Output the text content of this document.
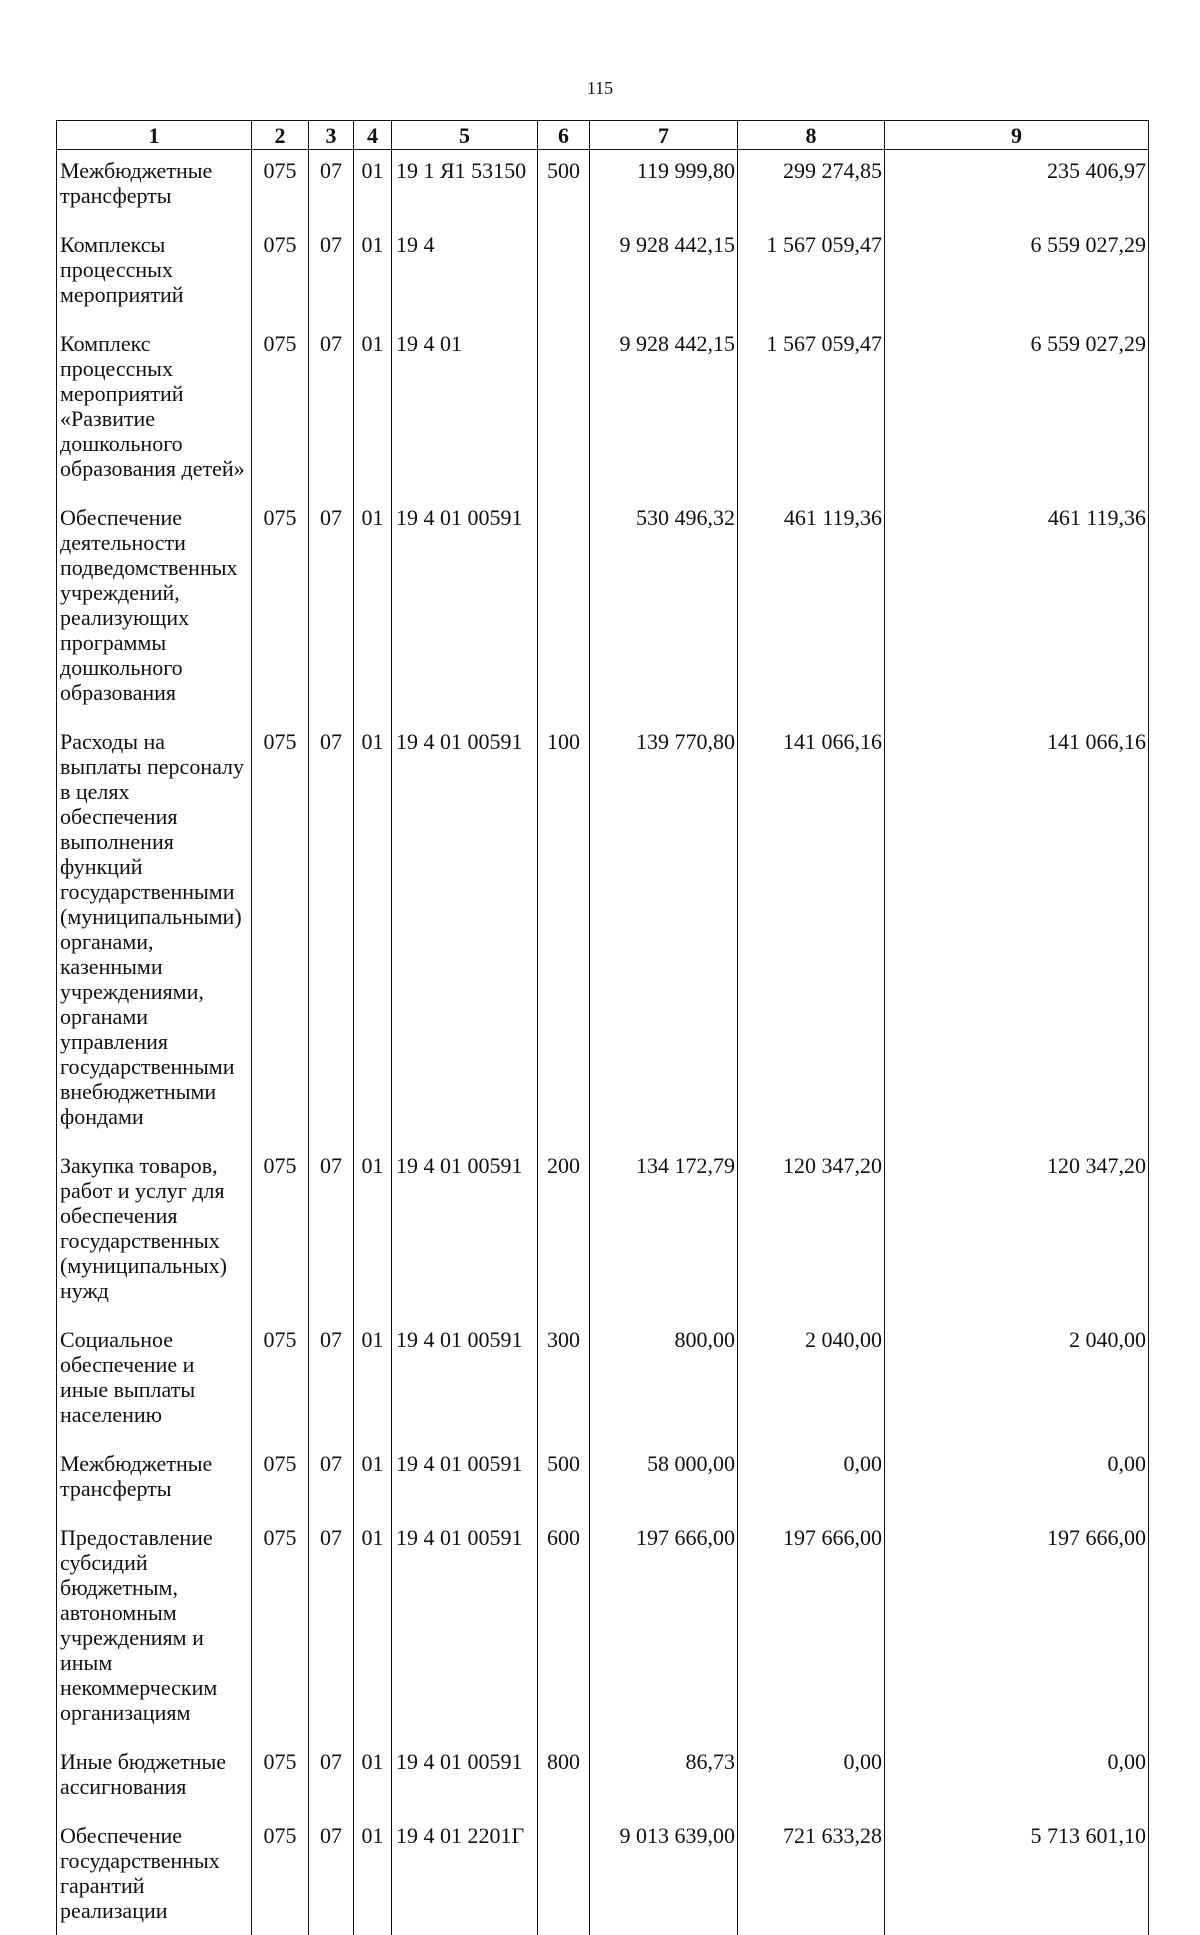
115
1	2	3	4	5	6	7	8	9
Межбюджетные трансферты	075	07	01	19 1 Я1 53150	500	119 999,80	299 274,85	235 406,97
Комплексы процессных мероприятий	075	07	01	19 4		9 928 442,15	1 567 059,47	6 559 027,29
Комплекс процессных мероприятий «Развитие дошкольного образования детей»	075	07	01	19 4 01		9 928 442,15	1 567 059,47	6 559 027,29
Обеспечение деятельности подведомственных учреждений, реализующих программы дошкольного образования	075	07	01	19 4 01 00591		530 496,32	461 119,36	461 119,36
Расходы на выплаты персоналу в целях обеспечения выполнения функций государственными (муниципальными) органами, казенными учреждениями, органами управления государственными внебюджетными фондами	075	07	01	19 4 01 00591	100	139 770,80	141 066,16	141 066,16
Закупка товаров, работ и услуг для обеспечения государственных (муниципальных) нужд	075	07	01	19 4 01 00591	200	134 172,79	120 347,20	120 347,20
Социальное обеспечение и иные выплаты населению	075	07	01	19 4 01 00591	300	800,00	2 040,00	2 040,00
Межбюджетные трансферты	075	07	01	19 4 01 00591	500	58 000,00	0,00	0,00
Предоставление субсидий бюджетным, автономным учреждениям и иным некоммерческим организациям	075	07	01	19 4 01 00591	600	197 666,00	197 666,00	197 666,00
Иные бюджетные ассигнования	075	07	01	19 4 01 00591	800	86,73	0,00	0,00
Обеспечение государственных гарантий реализации	075	07	01	19 4 01 2201Г		9 013 639,00	721 633,28	5 713 601,10
